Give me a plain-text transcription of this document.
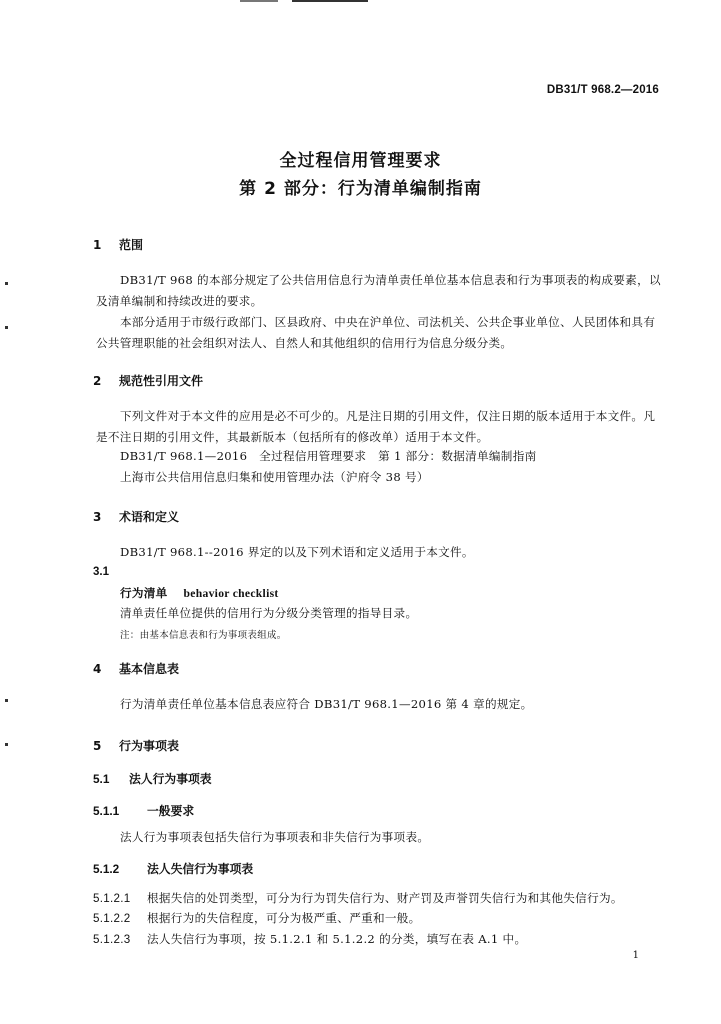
DB31/T 968.2—2016
全过程信用管理要求
第 2 部分：行为清单编制指南
1 范围
DB31/T 968 的本部分规定了公共信用信息行为清单责任单位基本信息表和行为事项表的构成要素，以及清单编制和持续改进的要求。
本部分适用于市级行政部门、区县政府、中央在沪单位、司法机关、公共企事业单位、人民团体和具有公共管理职能的社会组织对法人、自然人和其他组织的信用行为信息分级分类。
2 规范性引用文件
下列文件对于本文件的应用是必不可少的。凡是注日期的引用文件，仅注日期的版本适用于本文件。凡是不注日期的引用文件，其最新版本（包括所有的修改单）适用于本文件。
DB31/T 968.1—2016　全过程信用管理要求　第 1 部分：数据清单编制指南
上海市公共信用信息归集和使用管理办法（沪府令 38 号）
3 术语和定义
DB31/T 968.1--2016 界定的以及下列术语和定义适用于本文件。
3.1
行为清单 behavior checklist
清单责任单位提供的信用行为分级分类管理的指导目录。
注：由基本信息表和行为事项表组成。
4 基本信息表
行为清单责任单位基本信息表应符合 DB31/T 968.1—2016 第 4 章的规定。
5 行为事项表
5.1 法人行为事项表
5.1.1 一般要求
法人行为事项表包括失信行为事项表和非失信行为事项表。
5.1.2 法人失信行为事项表
5.1.2.1 根据失信的处罚类型，可分为行为罚失信行为、财产罚及声誉罚失信行为和其他失信行为。
5.1.2.2 根据行为的失信程度，可分为极严重、严重和一般。
5.1.2.3 法人失信行为事项，按 5.1.2.1 和 5.1.2.2 的分类，填写在表 A.1 中。
1
